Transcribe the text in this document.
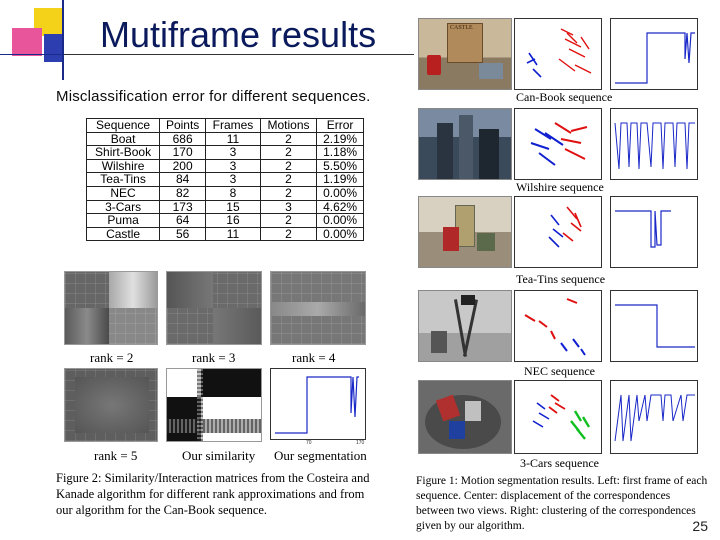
Mutiframe results
Misclassification error for different sequences.
Sequence	Points	Frames	Motions	Error
Boat	686	11	2	2.19%
Shirt-Book	170	3	2	1.18%
Wilshire	200	3	2	5.50%
Tea-Tins	84	3	2	1.19%
NEC	82	8	2	0.00%
3-Cars	173	15	3	4.62%
Puma	64	16	2	0.00%
Castle	56	11	2	0.00%
rank = 2	rank = 3	rank = 4
70	170
rank = 5	Our similarity Our segmentation
Figure 2: Similarity/Interaction matrices from the Costeira and Kanade algorithm for different rank approximations and from our algorithm for the Can-Book sequence.
CASTLE
Can-Book sequence
Wilshire sequence
Tea-Tins sequence
NEC sequence
3-Cars sequence
Figure 1: Motion segmentation results. Left: first frame of each sequence. Center: displacement of the correspondences between two views. Right: clustering of the correspondences given by our algorithm.	25
